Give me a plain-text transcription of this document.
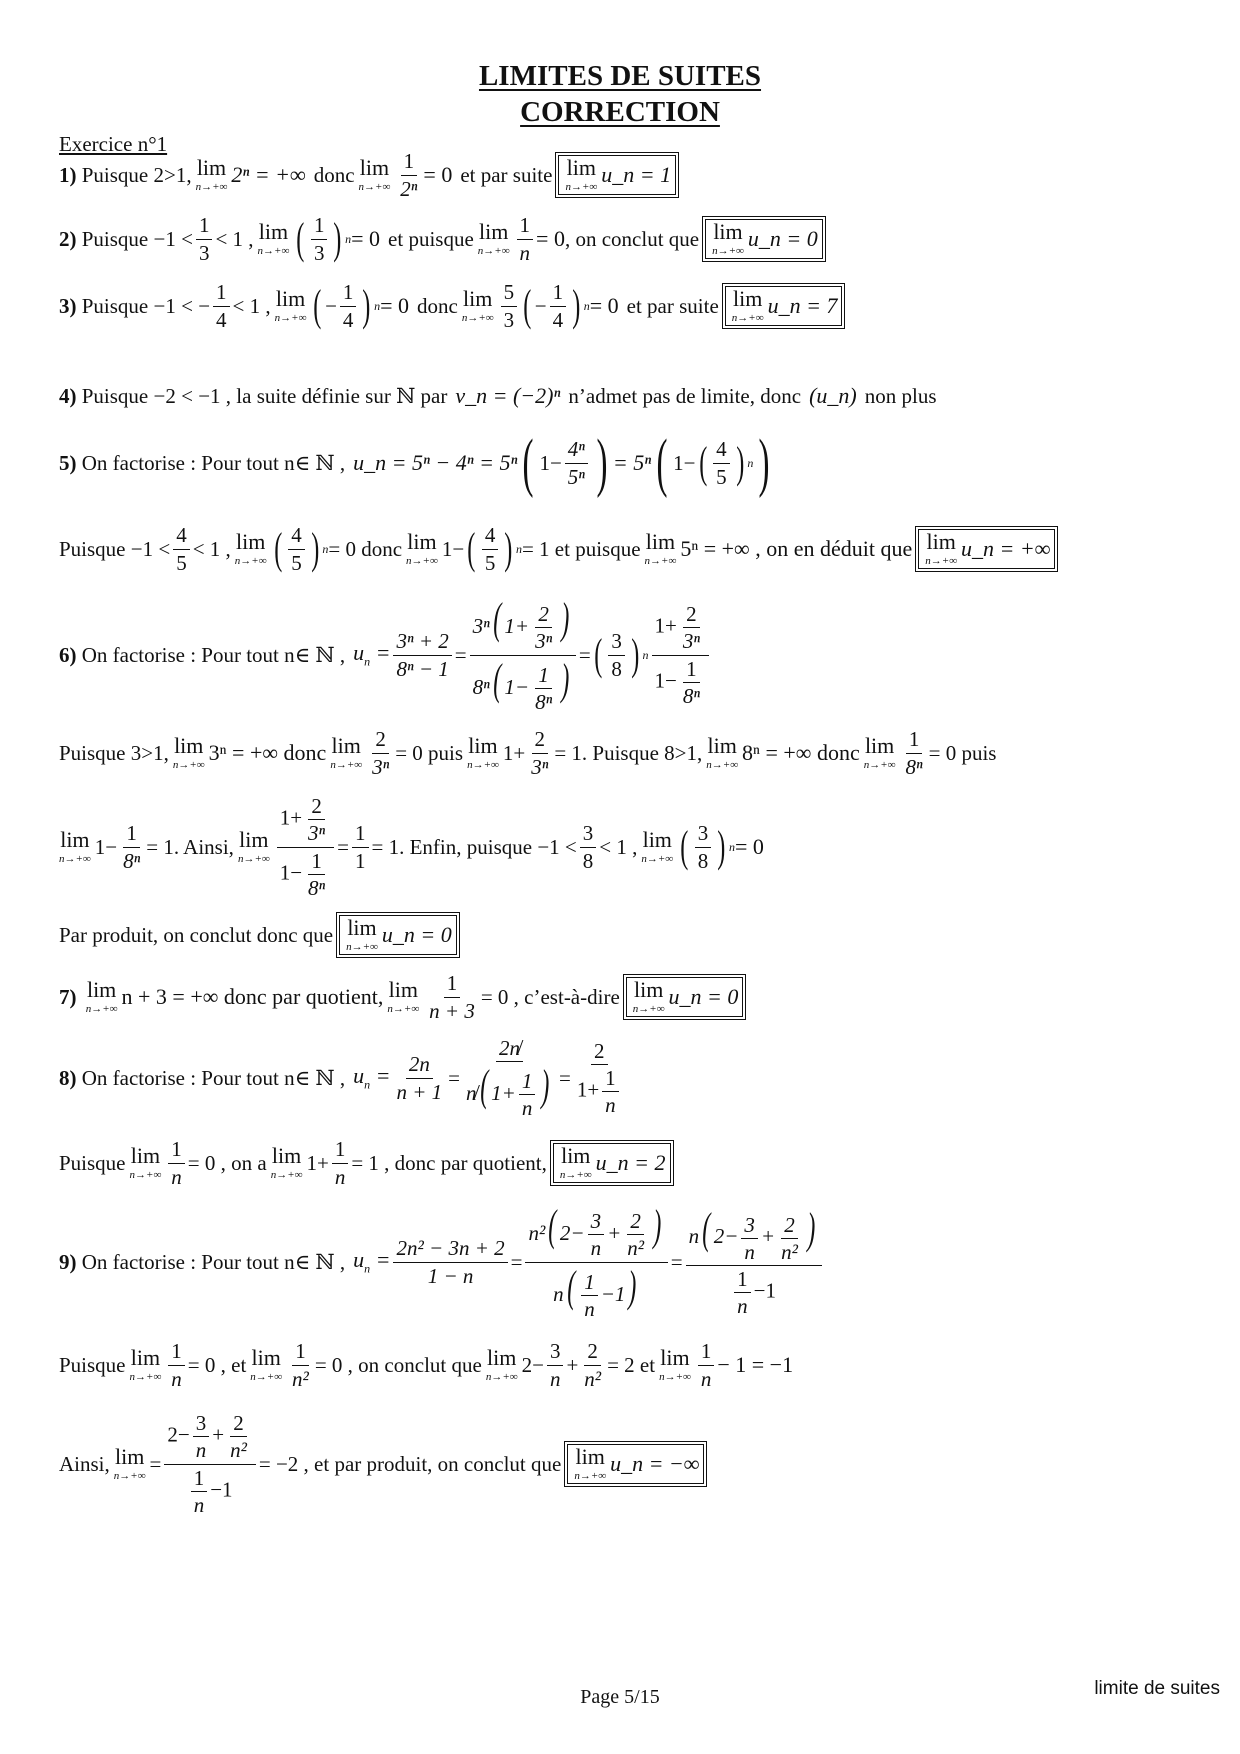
LIMITES DE SUITES
CORRECTION
Exercice n°1
1)
Puisque 2>1, lim
n→+∞ 2ⁿ = +∞ donc lim
$n\to+\infty \frac{1}{\text{2ⁿ}} = 0$ et par suite lim
n→+∞ u_n = 1
2)
Puisque −1 <
1
3
< 1 , lim
n→+∞ ( 1
3 ) n = 0 et puisque lim
$n\to+\infty \frac{1}{n} = 0$ , on conclut que lim
n→+∞ u_n = 0
3)
Puisque −1 < − $\frac{1}{4} < 1$ , lim
n→+∞ ( −
1
4 ) n = 0 donc lim
n→+∞
5
3 ( −
1
4 ) n = 0 et par suite lim
n→+∞ u_n = 7
4)
Puisque −2 < −1 , la suite définie sur ℕ par v_n = (−2)ⁿ n’admet pas de limite, donc (u_n) non plus
5)
On factorise : Pour tout n∈ ℕ , u_n = 5ⁿ − 4ⁿ = 5ⁿ ( 1−
4ⁿ
5ⁿ ) = 5ⁿ ( 1− ( 4
5 ) n )
Puisque −1 <
4
5
< 1 , lim
n→+∞ ( 4
5 ) n = 0 donc lim
n→+∞
1− ( 4
5 ) n = 1 et puisque lim
n→+∞ 5ⁿ = +∞ , on en déduit que lim
n→+∞ u_n = +∞
6)
On factorise : Pour tout n∈ ℕ , $u_n = \frac{\text{3ⁿ + 2}}{\text{8ⁿ − 1}}$ =
3ⁿ( $1+ \frac{2}{\text{3ⁿ}}$ )
8ⁿ( $1- \frac{1}{\text{8ⁿ}}$ ) = ( 3
8 ) n
$1+ \frac{2}{\text{3ⁿ}}$
$1- \frac{1}{\text{8ⁿ}}$
Puisque 3>1, lim
n→+∞ 3ⁿ = +∞ donc lim
$n\to+\infty \frac{2}{\text{3ⁿ}} = 0$ puis lim
n→+∞
$1+ \frac{2}{\text{3ⁿ}} = 1$. Puisque 8>1, lim
n→+∞ 8ⁿ = +∞ donc lim
$n\to+\infty \frac{1}{\text{8ⁿ}} = 0$ puis
lim
n→+∞
$1- \frac{1}{\text{8ⁿ}} = 1$. Ainsi, lim
n→+∞
$1+ \frac{2}{\text{3ⁿ}}$
$1- \frac{1}{\text{8ⁿ}}$
= $\frac{1}{1} = 1$. Enfin, puisque −1 <
3
8
< 1 , lim
n→+∞ ( 3
8 ) n = 0
Par produit, on conclut donc que lim
n→+∞ u_n = 0
7)
lim
n→+∞ n + 3 = +∞ donc par quotient, lim
$n\to+\infty \frac{1}{n + 3} = 0$ , c’est-à-dire lim
n→+∞ u_n = 0
8)
On factorise : Pour tout n∈ ℕ , $u_n = \frac{2n}{n + 1}$ =
2n̸
n̸( $1+ \frac{1}{n}$ ) =
2
$1+ \frac{1}{n}$
Puisque lim
$n\to+\infty \frac{1}{n} = 0$ , on a lim
n→+∞
$1+ \frac{1}{n} = 1$ , donc par quotient, lim
n→+∞ u_n = 2
9)
On factorise : Pour tout n∈ ℕ , $u_n = \frac{\text{2n² − 3n + 2}}{1 - n}$ =
n²( $2- \frac{3}{n} + \frac{2}{\text{n²}}$ )
$n( \frac{1}{n} -1)$ =
n( $2- \frac{3}{n} + \frac{2}{\text{n²}}$ )
$\frac{1}{n} -1$
Puisque lim
$n\to+\infty \frac{1}{n} = 0$ , et lim
$n\to+\infty \frac{1}{\text{n²}} = 0$ , on conclut que lim
n→+∞
2−
3
n
+ $\frac{2}{\text{n²}} = 2$ et lim
n→+∞
1
n
− 1 = −1
Ainsi, lim
n→+∞
= $\frac{2- \frac{3}{n} + \frac{2}{\text{n²}}}{\frac{1}{n} -1} = -2$ , et par produit, on conclut que lim
n→+∞ u_n = −∞
Page 5/15	limite de suites
